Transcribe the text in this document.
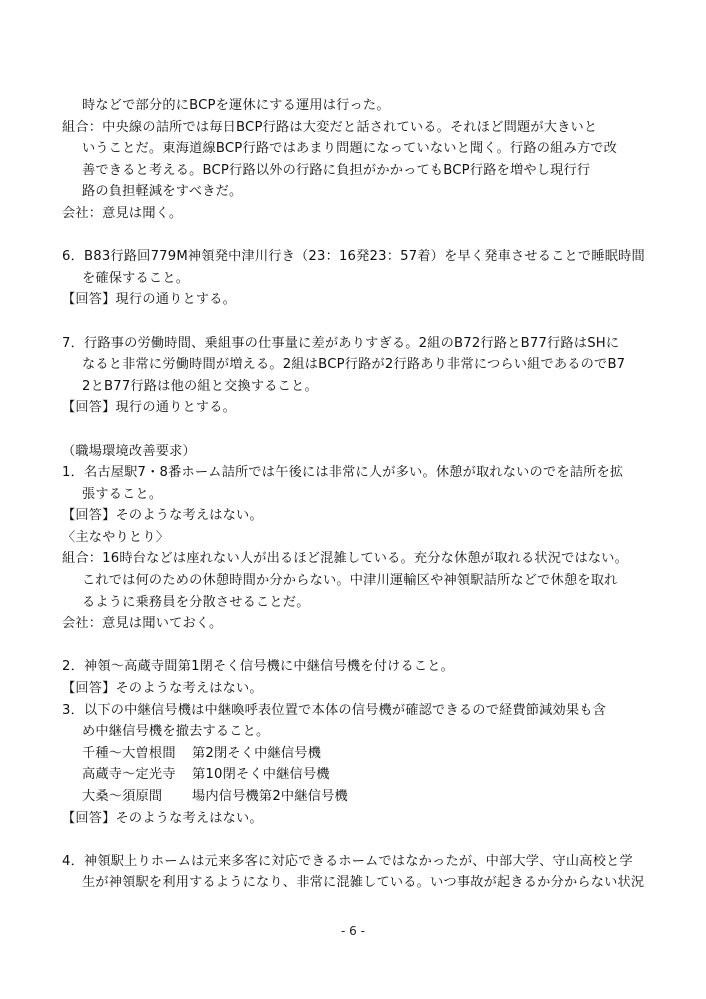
時などで部分的にBCPを運休にする運用は行った。
組合：中央線の詰所では毎日BCP行路は大変だと話されている。それほど問題が大きいと
いうことだ。東海道線BCP行路ではあまり問題になっていないと聞く。行路の組み方で改
善できると考える。BCP行路以外の行路に負担がかかってもBCP行路を増やし現行行
路の負担軽減をすべきだ。
会社：意見は聞く。
6．B83行路回779M神領発中津川行き（23：16発23：57着）を早く発車させることで睡眠時間
を確保すること。
【回答】現行の通りとする。
7．行路事の労働時間、乗組事の仕事量に差がありすぎる。2組のB72行路とB77行路はSHに
なると非常に労働時間が増える。2組はBCP行路が2行路あり非常につらい組であるのでB7
2とB77行路は他の組と交換すること。
【回答】現行の通りとする。
（職場環境改善要求）
1．名古屋駅7・8番ホーム詰所では午後には非常に人が多い。休憩が取れないのでを詰所を拡
張すること。
【回答】そのような考えはない。
〈主なやりとり〉
組合：16時台などは座れない人が出るほど混雑している。充分な休憩が取れる状況ではない。
これでは何のための休憩時間か分からない。中津川運輸区や神領駅詰所などで休憩を取れ
るように乗務員を分散させることだ。
会社：意見は聞いておく。
2．神領～高蔵寺間第1閉そく信号機に中継信号機を付けること。
【回答】そのような考えはない。
3．以下の中継信号機は中継喚呼表位置で本体の信号機が確認できるので経費節減効果も含
め中継信号機を撤去すること。
千種～大曽根間 第2閉そく中継信号機
高蔵寺～定光寺 第10閉そく中継信号機
大桑～須原間 場内信号機第2中継信号機
【回答】そのような考えはない。
4．神領駅上りホームは元来多客に対応できるホームではなかったが、中部大学、守山高校と学
生が神領駅を利用するようになり、非常に混雑している。いつ事故が起きるか分からない状況
- 6 -
